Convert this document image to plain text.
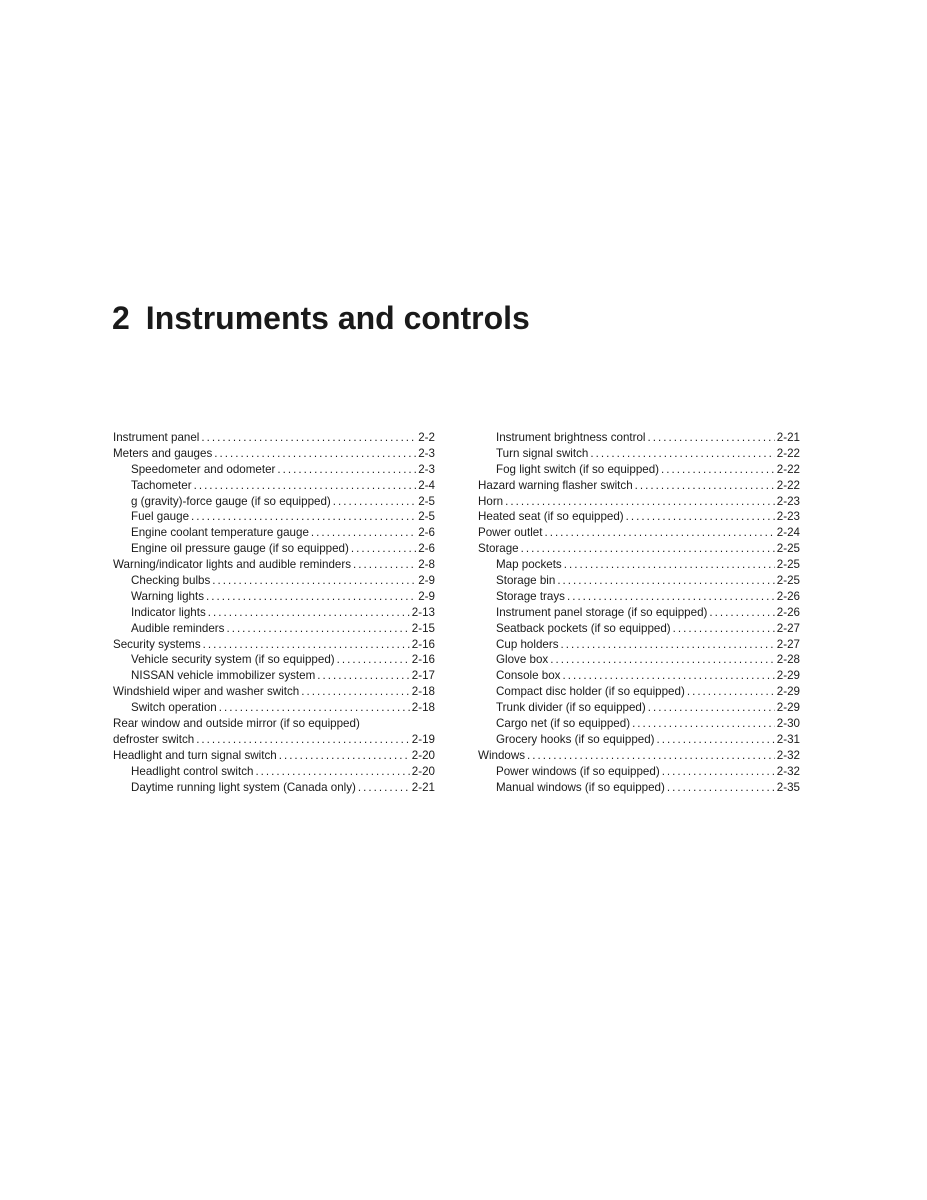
2 Instruments and controls
Instrument panel . . .	2-2
Meters and gauges . . .	2-3
Speedometer and odometer . . .	2-3
Tachometer . . .	2-4
g (gravity)-force gauge (if so equipped) . . .	2-5
Fuel gauge . . .	2-5
Engine coolant temperature gauge . . .	2-6
Engine oil pressure gauge (if so equipped) . . .	2-6
Warning/indicator lights and audible reminders . . .	2-8
Checking bulbs . . .	2-9
Warning lights . . .	2-9
Indicator lights . . .	2-13
Audible reminders . . .	2-15
Security systems . . .	2-16
Vehicle security system (if so equipped) . . .	2-16
NISSAN vehicle immobilizer system . . .	2-17
Windshield wiper and washer switch . . .	2-18
Switch operation . . .	2-18
Rear window and outside mirror (if so equipped)
defroster switch . . .	2-19
Headlight and turn signal switch . . .	2-20
Headlight control switch . . .	2-20
Daytime running light system (Canada only) . . .	2-21
Instrument brightness control . . .	2-21
Turn signal switch . . .	2-22
Fog light switch (if so equipped) . . .	2-22
Hazard warning flasher switch . . .	2-22
Horn . . .	2-23
Heated seat (if so equipped) . . .	2-23
Power outlet . . .	2-24
Storage . . .	2-25
Map pockets . . .	2-25
Storage bin . . .	2-25
Storage trays . . .	2-26
Instrument panel storage (if so equipped) . . .	2-26
Seatback pockets (if so equipped) . . .	2-27
Cup holders . . .	2-27
Glove box . . .	2-28
Console box . . .	2-29
Compact disc holder (if so equipped) . . .	2-29
Trunk divider (if so equipped) . . .	2-29
Cargo net (if so equipped) . . .	2-30
Grocery hooks (if so equipped) . . .	2-31
Windows . . .	2-32
Power windows (if so equipped) . . .	2-32
Manual windows (if so equipped) . . .	2-35
